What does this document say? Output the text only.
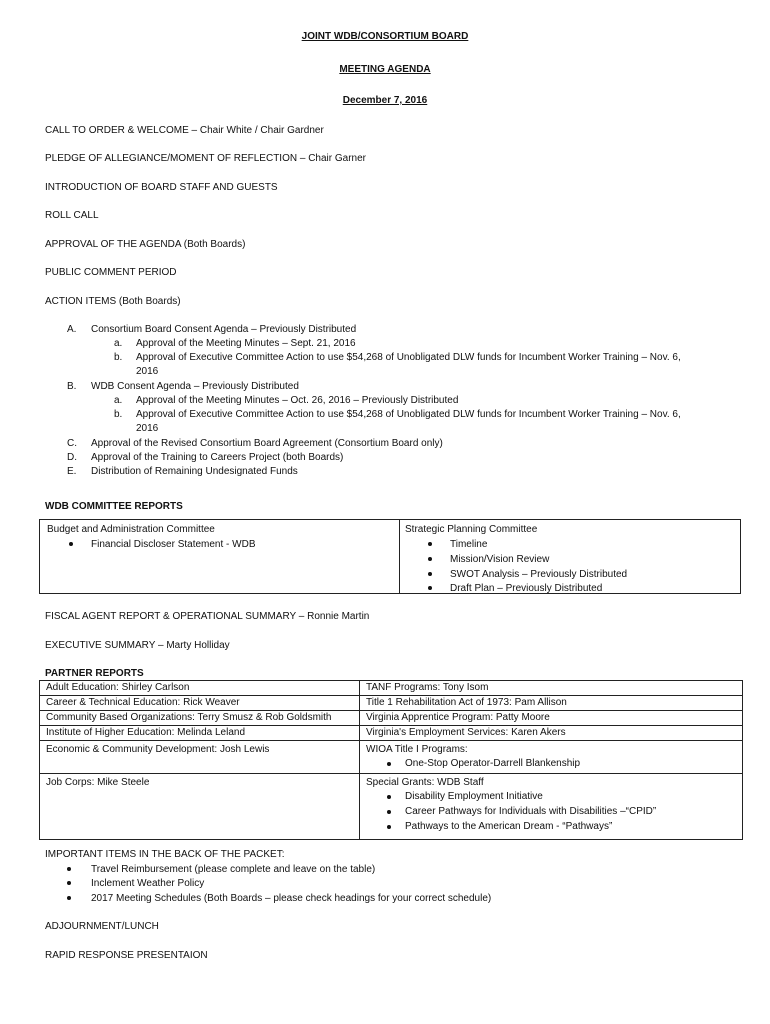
JOINT WDB/CONSORTIUM BOARD
MEETING AGENDA
December 7, 2016
CALL TO ORDER & WELCOME – Chair White / Chair Gardner
PLEDGE OF ALLEGIANCE/MOMENT OF REFLECTION – Chair Garner
INTRODUCTION OF BOARD STAFF AND GUESTS
ROLL CALL
APPROVAL OF THE AGENDA (Both Boards)
PUBLIC COMMENT PERIOD
ACTION ITEMS (Both Boards)
A. Consortium Board Consent Agenda – Previously Distributed
a. Approval of the Meeting Minutes – Sept. 21, 2016
b. Approval of Executive Committee Action to use $54,268 of Unobligated DLW funds for Incumbent Worker Training – Nov. 6,
2016
B. WDB Consent Agenda – Previously Distributed
a. Approval of the Meeting Minutes – Oct. 26, 2016 – Previously Distributed
b. Approval of Executive Committee Action to use $54,268 of Unobligated DLW funds for Incumbent Worker Training – Nov. 6,
2016
C. Approval of the Revised Consortium Board Agreement (Consortium Board only)
D. Approval of the Training to Careers Project (both Boards)
E. Distribution of Remaining Undesignated Funds
WDB COMMITTEE REPORTS
Budget and Administration Committee
Financial Discloser Statement - WDB
Strategic Planning Committee
Timeline
Mission/Vision Review
SWOT Analysis – Previously Distributed
Draft Plan – Previously Distributed
FISCAL AGENT REPORT & OPERATIONAL SUMMARY – Ronnie Martin
EXECUTIVE SUMMARY – Marty Holliday
PARTNER REPORTS
Adult Education: Shirley Carlson	TANF Programs: Tony Isom
Career & Technical Education: Rick Weaver	Title 1 Rehabilitation Act of 1973: Pam Allison
Community Based Organizations: Terry Smusz & Rob Goldsmith	Virginia Apprentice Program: Patty Moore
Institute of Higher Education: Melinda Leland	Virginia's Employment Services: Karen Akers
Economic & Community Development: Josh Lewis	WIOA Title I Programs:
One-Stop Operator-Darrell Blankenship

Job Corps: Mike Steele	Special Grants: WDB Staff
Disability Employment Initiative
Career Pathways for Individuals with Disabilities –“CPID”
Pathways to the American Dream - “Pathways”
IMPORTANT ITEMS IN THE BACK OF THE PACKET:
Travel Reimbursement (please complete and leave on the table)
Inclement Weather Policy
2017 Meeting Schedules (Both Boards – please check headings for your correct schedule)
ADJOURNMENT/LUNCH
RAPID RESPONSE PRESENTAION
